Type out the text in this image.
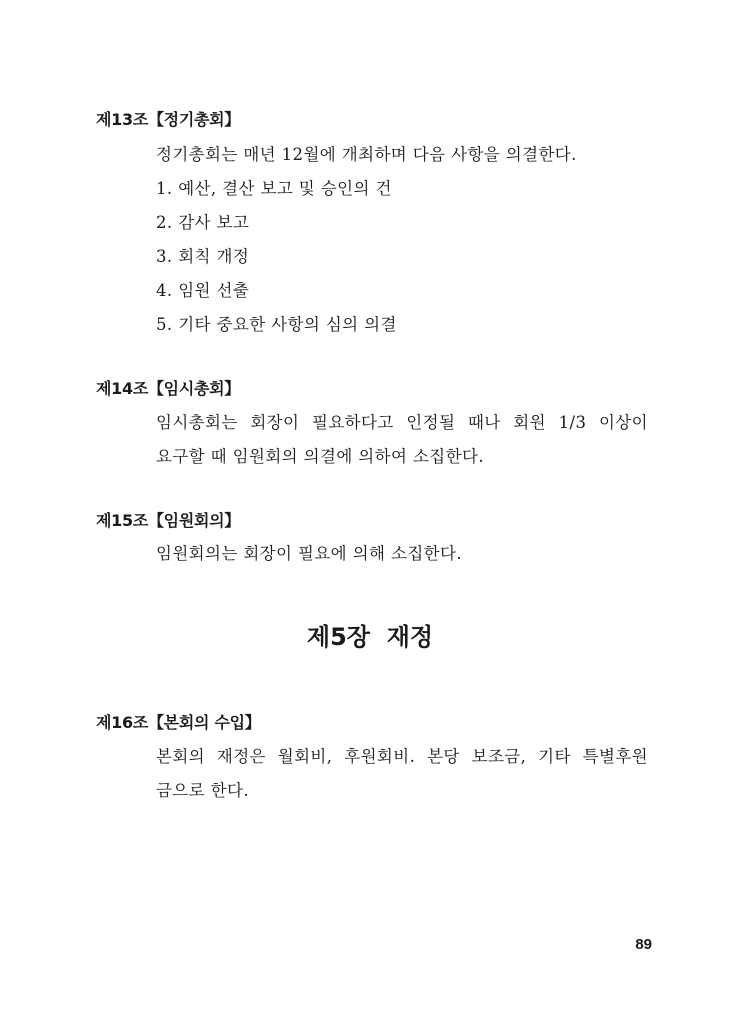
제13조【정기총회】
정기총회는 매년 12월에 개최하며 다음 사항을 의결한다.
1. 예산, 결산 보고 및 승인의 건
2. 감사 보고
3. 회칙 개정
4. 임원 선출
5. 기타 중요한 사항의 심의 의결
제14조【임시총회】
임시총회는 회장이 필요하다고 인정될 때나 회원 1/3 이상이
요구할 때 임원회의 의결에 의하여 소집한다.
제15조【임원회의】
임원회의는 회장이 필요에 의해 소집한다.
제5장  재정
제16조【본회의 수입】
본회의 재정은 월회비, 후원회비. 본당 보조금, 기타 특별후원
금으로 한다.
89
